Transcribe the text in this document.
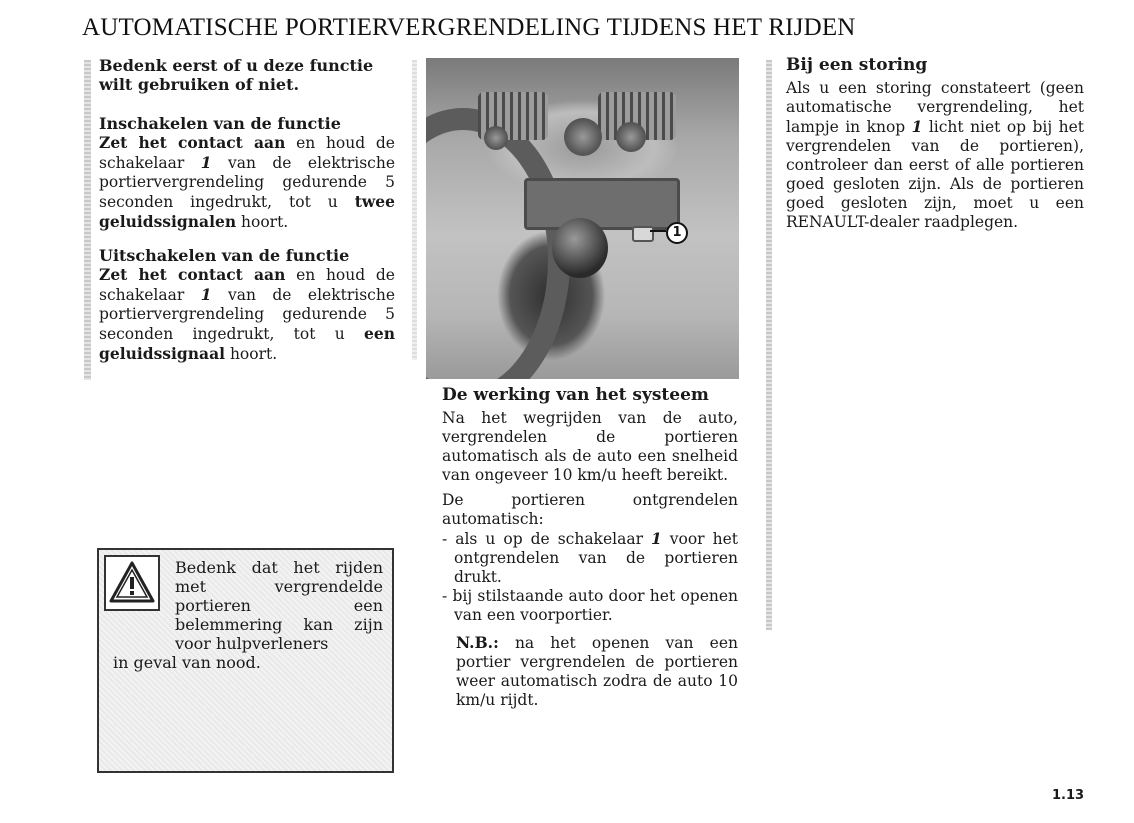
AUTOMATISCHE PORTIERVERGRENDELING TIJDENS HET RIJDEN

Bedenk eerst of u deze functie wilt gebruiken of niet.

Inschakelen van de functie

Zet het contact aan en houd de schakelaar 1 van de elektrische portiervergrendeling gedurende 5 seconden ingedrukt, tot u twee geluidssignalen hoort.

Uitschakelen van de functie

Zet het contact aan en houd de schakelaar 1 van de elektrische portiervergrendeling gedurende 5 seconden ingedrukt, tot u een geluidssignaal hoort.

Bedenk dat het rijden met vergrendelde portieren een belemmering kan zijn voor hulpverleners
in geval van nood.
1

De werking van het systeem

Na het wegrijden van de auto, vergrendelen de portieren automatisch als de auto een snelheid van ongeveer 10 km/u heeft bereikt.

De portieren ontgrendelen automatisch:

- als u op de schakelaar 1 voor het ontgrendelen van de portieren drukt.

- bij stilstaande auto door het openen van een voorportier.

N.B.: na het openen van een portier vergrendelen de portieren weer automatisch zodra de auto 10 km/u rijdt.

Bij een storing

Als u een storing constateert (geen automatische vergrendeling, het lampje in knop 1 licht niet op bij het vergrendelen van de portieren), controleer dan eerst of alle portieren goed gesloten zijn. Als de portieren goed gesloten zijn, moet u een RENAULT-dealer raadplegen.

1.13
